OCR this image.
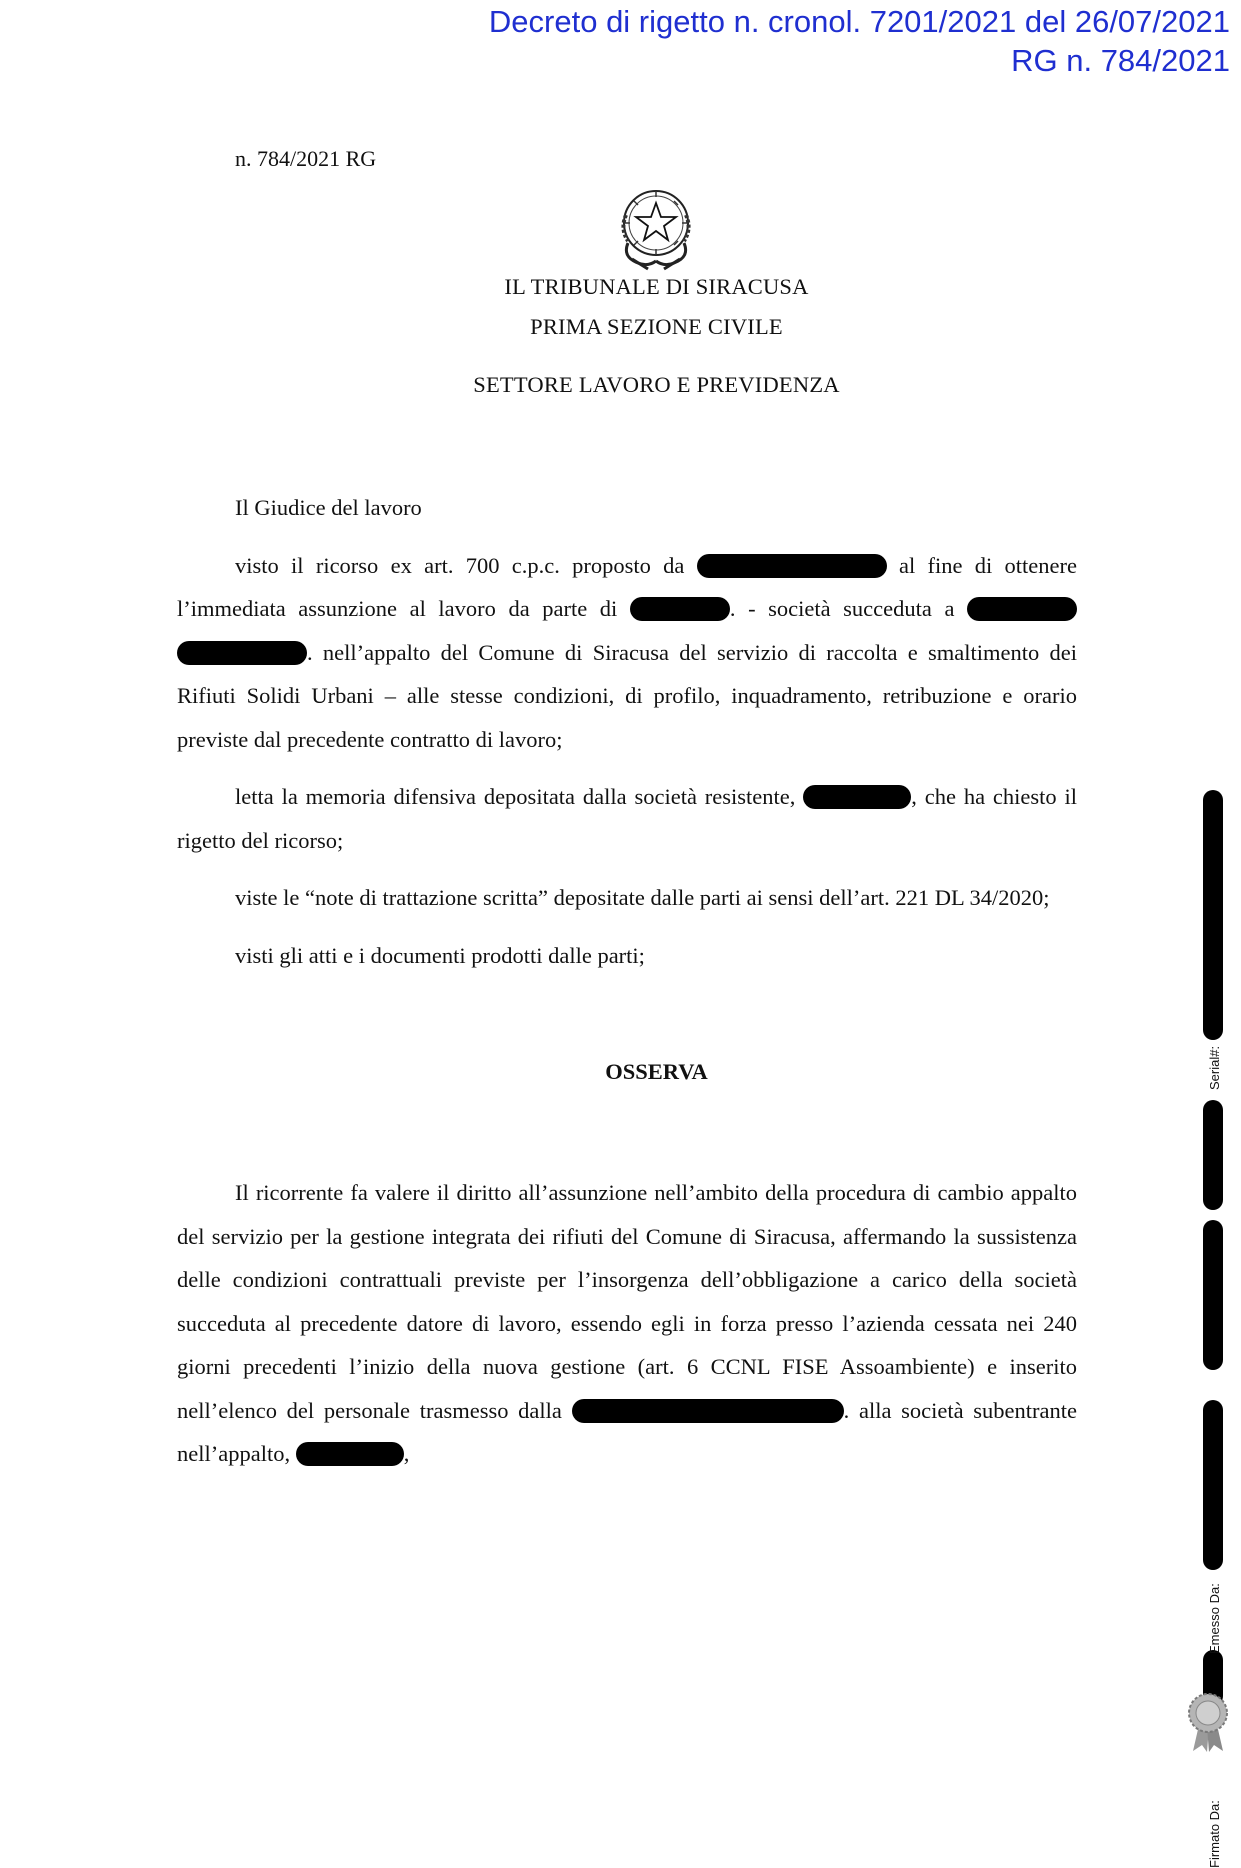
Decreto di rigetto n. cronol. 7201/2021 del 26/07/2021
RG n. 784/2021
n. 784/2021 RG
IL TRIBUNALE DI SIRACUSA
PRIMA SEZIONE CIVILE
SETTORE LAVORO E PREVIDENZA

Il Giudice del lavoro

visto il ricorso ex art. 700 c.p.c. proposto da	al fine di ottenere l’immediata assunzione al lavoro da parte di	. - società succeduta a  . nell’appalto del Comune di Siracusa del servizio di raccolta e smaltimento dei Rifiuti Solidi Urbani – alle stesse condizioni, di profilo, inquadramento, retribuzione e orario previste dal precedente contratto di lavoro;

letta la memoria difensiva depositata dalla società resistente,	, che ha chiesto il rigetto del ricorso;

viste le “note di trattazione scritta” depositate dalle parti ai sensi dell’art. 221 DL 34/2020;

visti gli atti e i documenti prodotti dalle parti;

OSSERVA

Il ricorrente fa valere il diritto all’assunzione nell’ambito della procedura di cambio appalto del servizio per la gestione integrata dei rifiuti del Comune di Siracusa, affermando la sussistenza delle condizioni contrattuali previste per l’insorgenza dell’obbligazione a carico della società succeduta al precedente datore di lavoro, essendo egli in forza presso l’azienda cessata nei 240 giorni precedenti l’inizio della nuova gestione (art. 6 CCNL FISE Assoambiente) e inserito nell’elenco del personale trasmesso dalla	. alla società subentrante nell’appalto,	,

Firmato Da:
Emesso Da:
Serial#:
